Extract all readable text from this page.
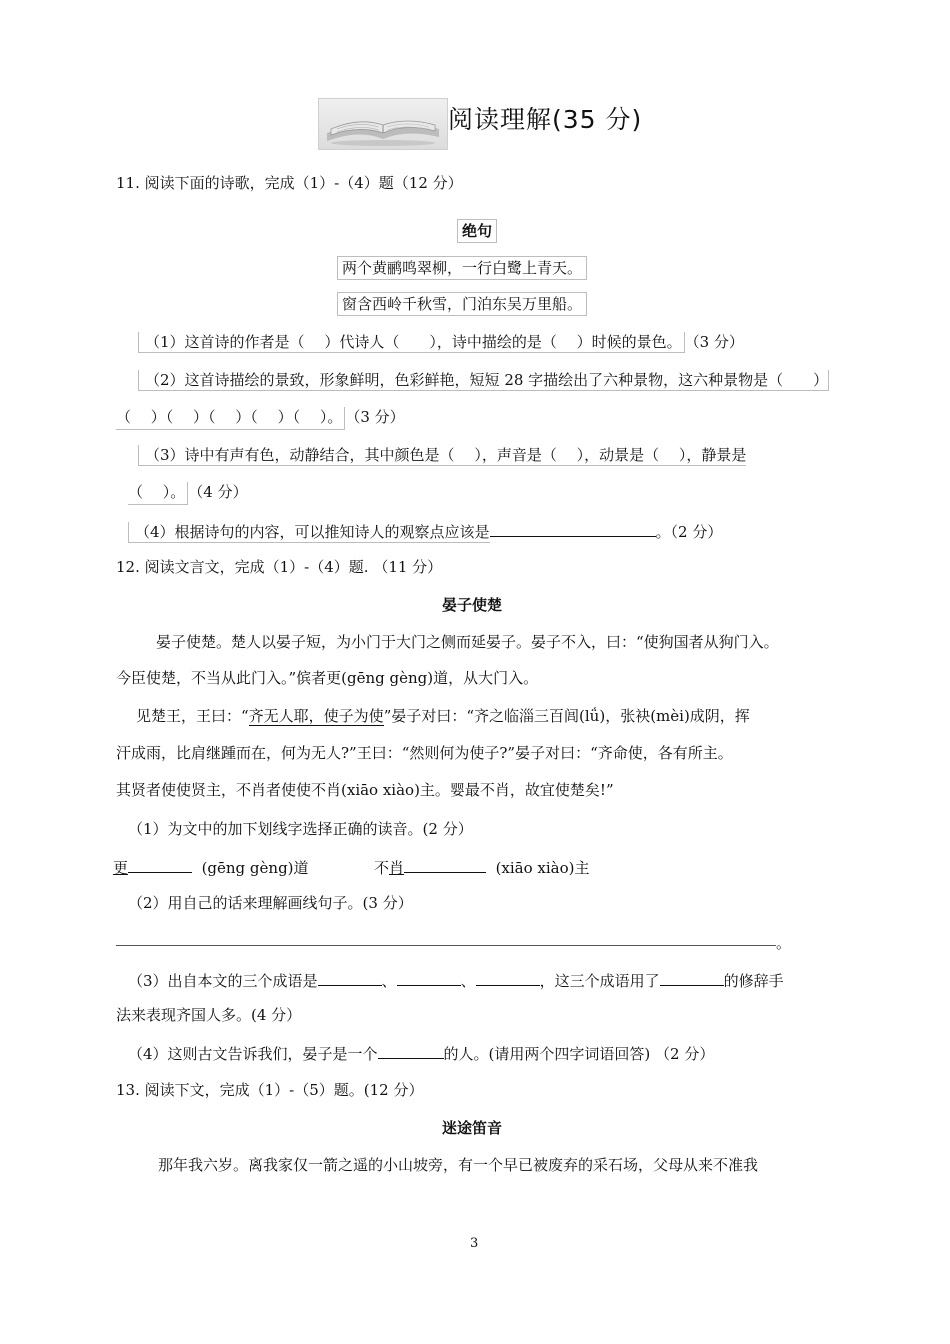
阅读理解(35 分)
11. 阅读下面的诗歌，完成（1）-（4）题（12 分）
绝句
两个黄鹂鸣翠柳，一行白鹭上青天。
窗含西岭千秋雪，门泊东吴万里船。
（1）这首诗的作者是（　 ）代诗人（　　），诗中描绘的是（　 ）时候的景色。 （3 分）
（2）这首诗描绘的景致，形象鲜明，色彩鲜艳，短短 28 字描绘出了六种景物，这六种景物是（　　）
（　 ）（　 ）（　 ）（　 ）（　 ）。 （3 分）
（3）诗中有声有色，动静结合，其中颜色是（　 ），声音是（　 ），动景是（　 ），静景是
（　 ）。 （4 分）
（4）根据诗句的内容，可以推知诗人的观察点应该是	。（2 分）
12. 阅读文言文，完成（1）-（4）题. （11 分）
晏子使楚
晏子使楚。楚人以晏子短，为小门于大门之侧而延晏子。晏子不入，曰：“使狗国者从狗门入。
今臣使楚，不当从此门入。”傧者更(gēng gèng)道，从大门入。
见楚王，王曰：“齐无人耶，使子为使”晏子对曰：“齐之临淄三百闾(lǘ)，张袂(mèi)成阴，挥
汗成雨，比肩继踵而在，何为无人?”王曰：“然则何为使子?”晏子对曰：“齐命使，各有所主。
其贤者使使贤主，不肖者使使不肖(xiāo xiào)主。婴最不肖，故宜使楚矣!”
（1）为文中的加下划线字选择正确的读音。(2 分）
更	(gēng gèng)道	不肖	(xiāo xiào)主
（2）用自己的话来理解画线句子。(3 分）
。
（3）出自本文的三个成语是	、	、	，这三个成语用了	的修辞手
法来表现齐国人多。(4 分）
（4）这则古文告诉我们，晏子是一个	的人。(请用两个四字词语回答) （2 分）
13. 阅读下文，完成（1）-（5）题。(12 分）
迷途笛音
那年我六岁。离我家仅一箭之遥的小山坡旁，有一个早已被废弃的采石场，父母从来不准我
3
